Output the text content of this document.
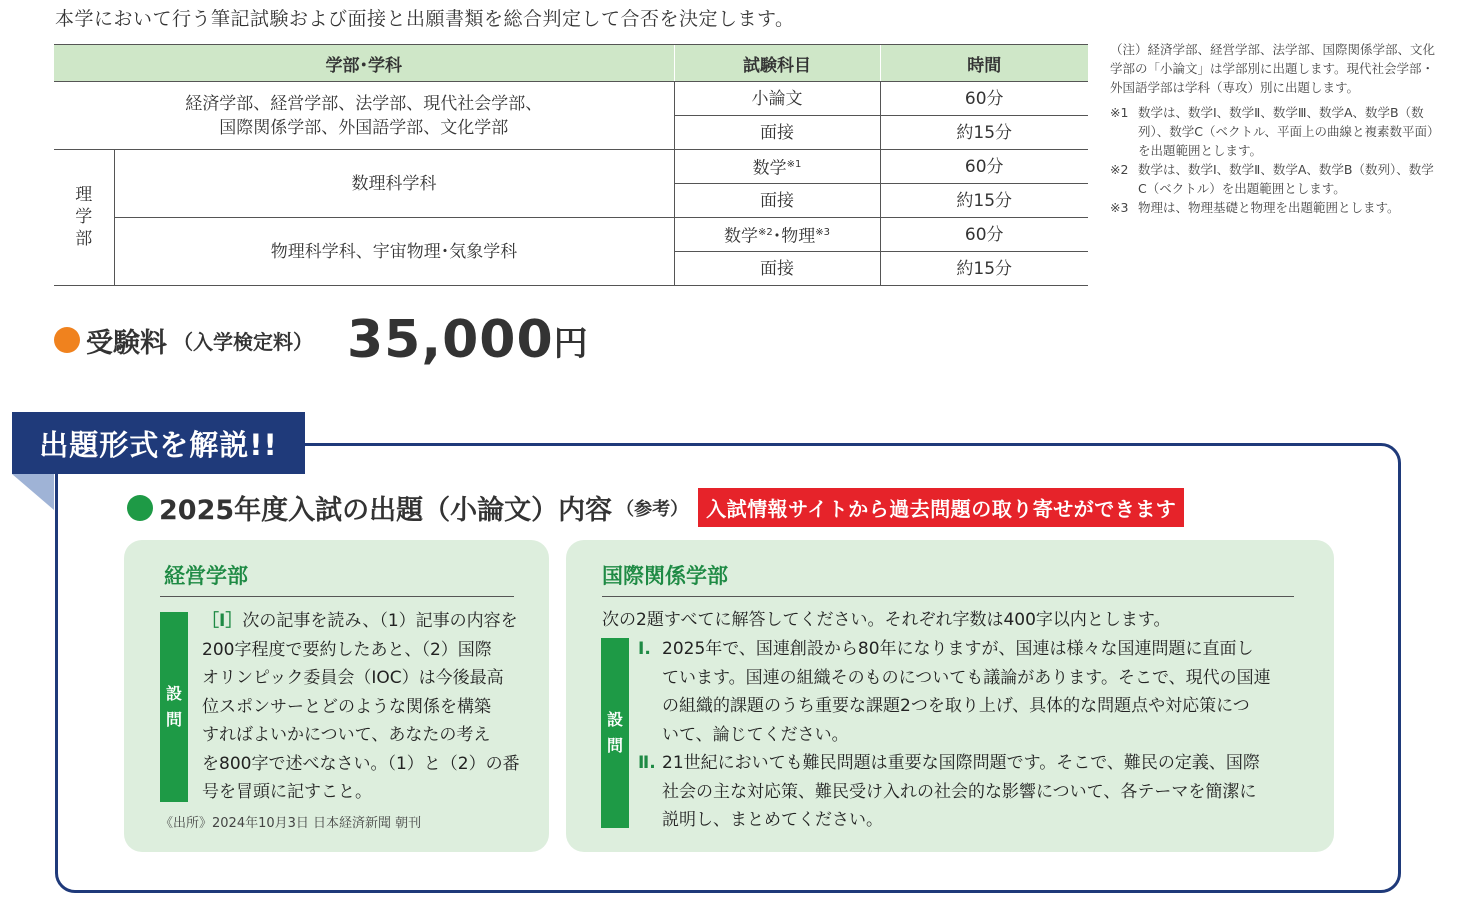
本学において行う筆記試験および面接と出願書類を総合判定して合否を決定します。
学部･学科		試験科目	時間

経済学部、経営学部、法学部、現代社会学部、
国際関係学部、外国語学部、文化学部		小論文	60分
		面接	約15分
理学部	数理科学科	数学$^{※1}$	60分
		面接	約15分
	物理科学科、宇宙物理･気象学科	数学$^{※2}$･物理$^{※3}$	60分
		面接	約15分

（注）経済学部、経営学部、法学部、国際関係学部、文化学部の「小論文」は学部別に出題します。現代社会学部・外国語学部は学科（専攻）別に出題します。

※1 数学は、数学Ⅰ、数学Ⅱ、数学Ⅲ、数学A、数学B（数列）、数学C（ベクトル、平面上の曲線と複素数平面）を出題範囲とします。
※2 数学は、数学Ⅰ、数学Ⅱ、数学A、数学B（数列）、数学C（ベクトル）を出題範囲とします。
※3 物理は、物理基礎と物理を出題範囲とします。
受験料 （入学検定料） 35,000 円
出題形式を解説!!
2025年度入試の出題（小論文）内容 （参考） 入試情報サイトから過去問題の取り寄せができます
経営学部
設
問
［Ⅰ］次の記事を読み、（1）記事の内容を
200字程度で要約したあと、（2）国際
オリンピック委員会（IOC）は今後最高
位スポンサーとどのような関係を構築
すればよいかについて、あなたの考え
を800字で述べなさい。（1）と（2）の番
号を冒頭に記すこと。
《出所》2024年10月3日 日本経済新聞 朝刊
国際関係学部
次の2題すべてに解答してください。それぞれ字数は400字以内とします。
設
問
Ⅰ. 2025年で、国連創設から80年になりますが、国連は様々な国連問題に直面し
ています。国連の組織そのものについても議論があります。そこで、現代の国連
の組織的課題のうち重要な課題2つを取り上げ、具体的な問題点や対応策につ
いて、論じてください。
Ⅱ. 21世紀においても難民問題は重要な国際問題です。そこで、難民の定義、国際
社会の主な対応策、難民受け入れの社会的な影響について、各テーマを簡潔に
説明し、まとめてください。
